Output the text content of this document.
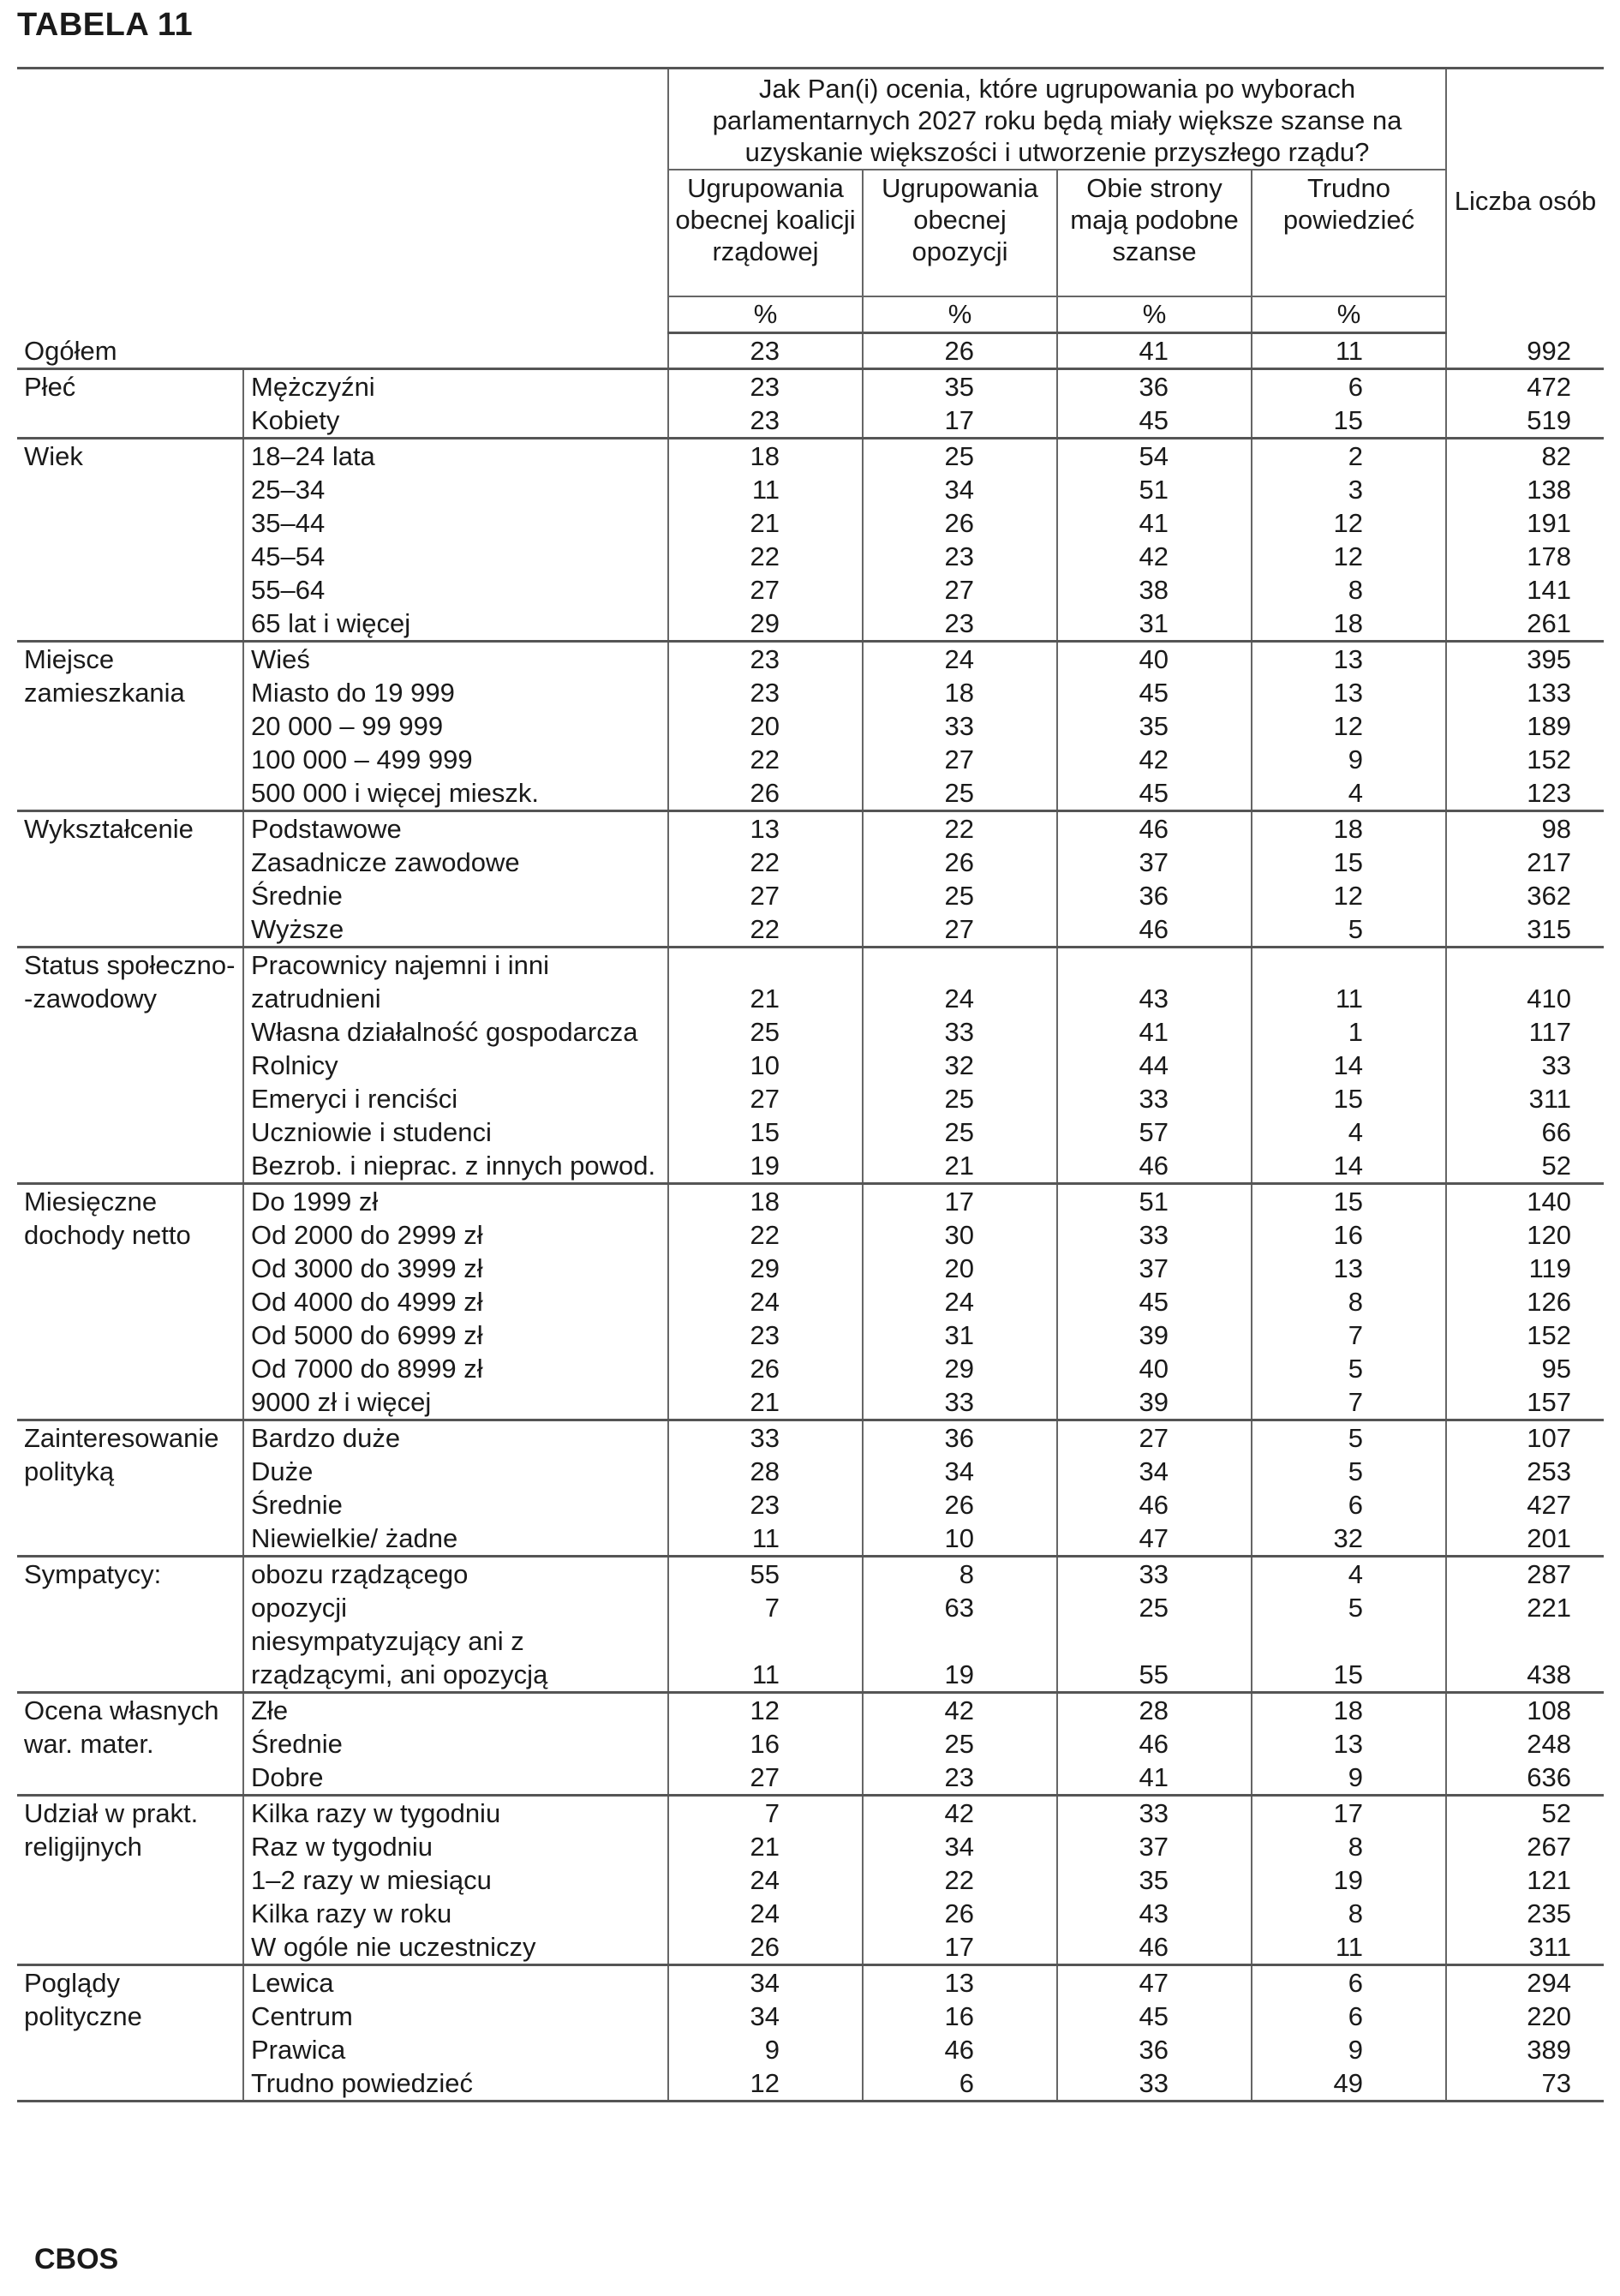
TABELA 11
		Jak Pan(i) ocenia, które ugrupowania po wyborach parlamentarnych 2027 roku będą miały większe szanse na uzyskanie większości i utworzenie przyszłego rządu?				Liczba osób
		Ugrupowania obecnej koalicji rządowej	Ugrupowania obecnej opozycji	Obie strony mają podobne szanse	Trudno powiedzieć	
		%	%	%	%	
Ogółem		23	26	41	11	992
Płeć	Mężczyźni	23	35	36	6	472
	Kobiety	23	17	45	15	519
Wiek	18–24 lata	18	25	54	2	82
	25–34	11	34	51	3	138
	35–44	21	26	41	12	191
	45–54	22	23	42	12	178
	55–64	27	27	38	8	141
	65 lat i więcej	29	23	31	18	261
Miejsce zamieszkania	Wieś	23	24	40	13	395
	Miasto do 19 999	23	18	45	13	133
	20 000 – 99 999	20	33	35	12	189
	100 000 – 499 999	22	27	42	9	152
	500 000 i więcej mieszk.	26	25	45	4	123
Wykształcenie	Podstawowe	13	22	46	18	98
	Zasadnicze zawodowe	22	26	37	15	217
	Średnie	27	25	36	12	362
	Wyższe	22	27	46	5	315
Status społeczno- -zawodowy	Pracownicy najemni i inni zatrudnieni	21	24	43	11	410
	Własna działalność gospodarcza	25	33	41	1	117
	Rolnicy	10	32	44	14	33
	Emeryci i renciści	27	25	33	15	311
	Uczniowie i studenci	15	25	57	4	66
	Bezrob. i nieprac. z innych powod.	19	21	46	14	52
Miesięczne dochody netto	Do 1999 zł	18	17	51	15	140
	Od 2000 do 2999 zł	22	30	33	16	120
	Od 3000 do 3999 zł	29	20	37	13	119
	Od 4000 do 4999 zł	24	24	45	8	126
	Od 5000 do 6999 zł	23	31	39	7	152
	Od 7000 do 8999 zł	26	29	40	5	95
	9000 zł i więcej	21	33	39	7	157
Zainteresowanie polityką	Bardzo duże	33	36	27	5	107
	Duże	28	34	34	5	253
	Średnie	23	26	46	6	427
	Niewielkie/ żadne	11	10	47	32	201
Sympatycy:	obozu rządzącego	55	8	33	4	287
	opozycji	7	63	25	5	221
	niesympatyzujący ani z rządzącymi, ani opozycją	11	19	55	15	438
Ocena własnych war. mater.	Złe	12	42	28	18	108
	Średnie	16	25	46	13	248
	Dobre	27	23	41	9	636
Udział w prakt. religijnych	Kilka razy w tygodniu	7	42	33	17	52
	Raz w tygodniu	21	34	37	8	267
	1–2 razy w miesiącu	24	22	35	19	121
	Kilka razy w roku	24	26	43	8	235
	W ogóle nie uczestniczy	26	17	46	11	311
Poglądy polityczne	Lewica	34	13	47	6	294
	Centrum	34	16	45	6	220
	Prawica	9	46	36	9	389
	Trudno powiedzieć	12	6	33	49	73
CBOS
